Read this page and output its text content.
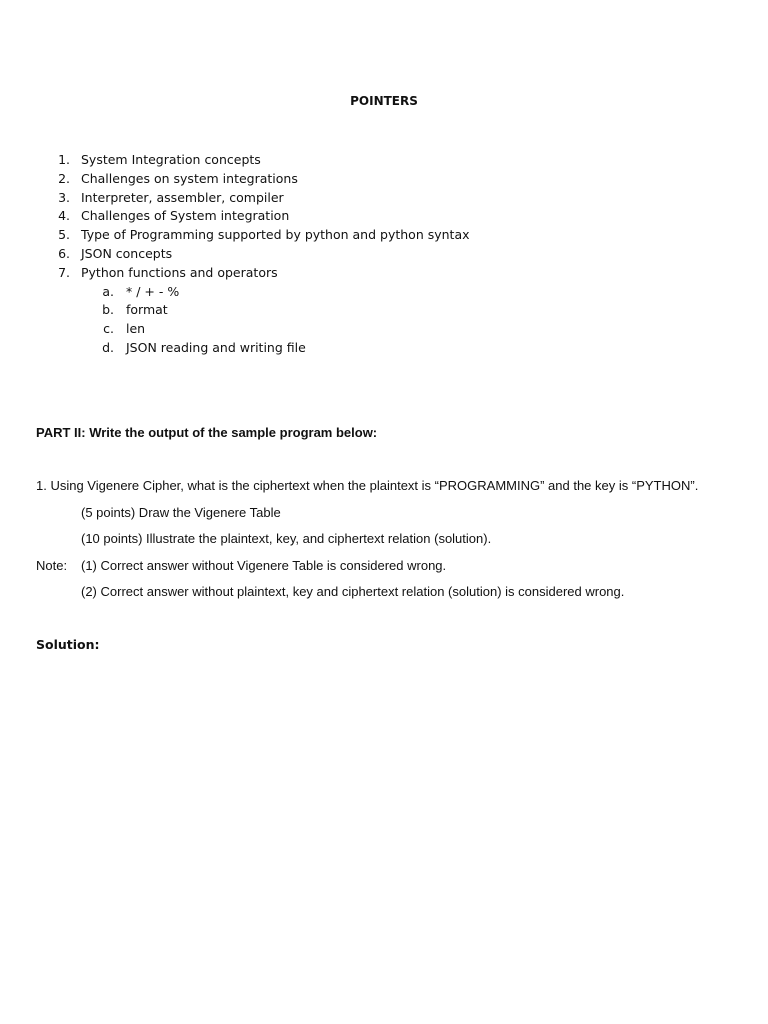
POINTERS
1. System Integration concepts
2. Challenges on system integrations
3. Interpreter, assembler, compiler
4. Challenges of System integration
5. Type of Programming supported by python and python syntax
6. JSON concepts
7. Python functions and operators
a. * / + - %
b. format
c. len
d. JSON reading and writing file
PART II: Write the output of the sample program below:
1. Using Vigenere Cipher, what is the ciphertext when the plaintext is “PROGRAMMING” and the key is “PYTHON”.
(5 points) Draw the Vigenere Table
(10 points) Illustrate the plaintext, key, and ciphertext relation (solution).
Note: (1) Correct answer without Vigenere Table is considered wrong.
(2) Correct answer without plaintext, key and ciphertext relation (solution) is considered wrong.
Solution:
